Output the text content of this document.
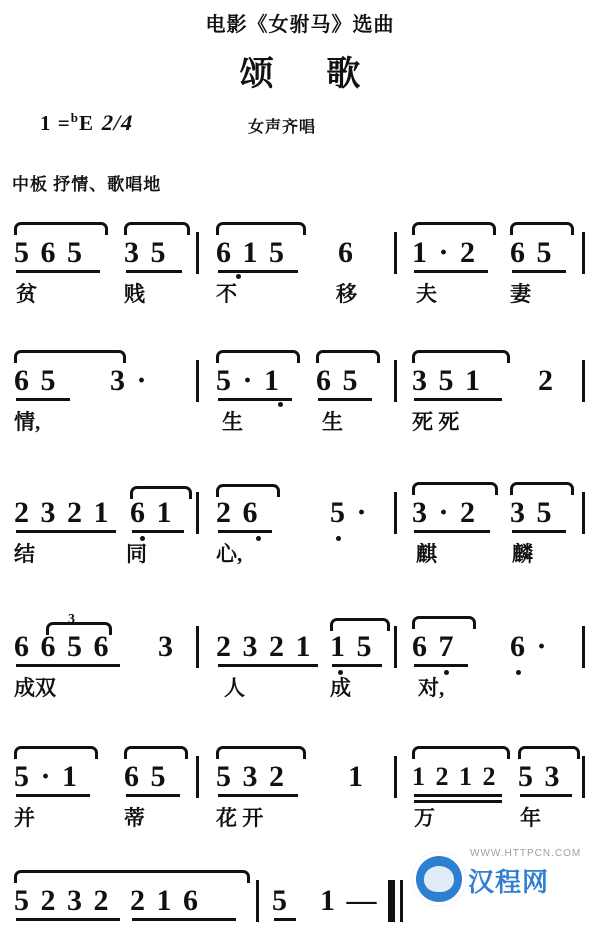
电影《女驸马》选曲
颂 歌
1 =$^b$E 2/4	女声齐唱
中板 抒情、歌唱地
5 6 5 3 5 6 1 5 6 1 · 2 6 5
贫	贱	不	移	夫	妻
6 5 3 · 5 · 1 6 5 3 5 1 2
情,	生	生	死 死
2 3 2 1 6 1 2 6 5 · 3 · 2 3 5
结	同	心,	麒	麟
3
6 6 5 6 3 2 3 2 1 1 5 6 7 6 ·
成双	人	成	对,
5 · 1 6 5 5 3 2 1 1 2 1 2 5 3
并	蒂	花 开	万	年
5 2 3 2 2 1 6 5 1 —
WWW.HTTPCN.COM
汉程网
